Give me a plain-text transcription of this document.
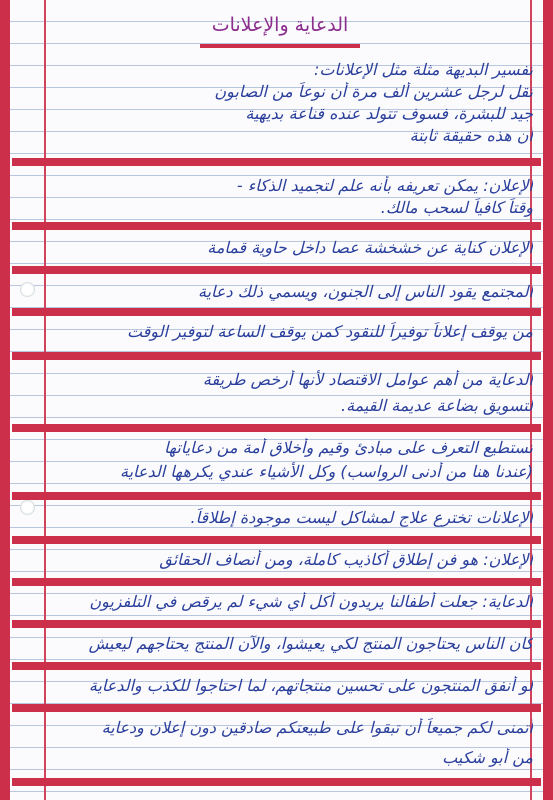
الدعاية والإعلانات
تفسير البديهة مثلة مثل الإعلانات:
تقل لرجل عشرين ألف مرة أن نوعاً من الصابون
جيد للبشرة، فسوف تتولد عنده قناعة بديهية
أن هذه حقيقة ثابتة
الإعلان: يمكن تعريفه بأنه علم لتجميد الذكاء -
وقتاً كافياً لسحب مالك.
الإعلان كناية عن خشخشة عصا داخل حاوية قمامة
المجتمع يقود الناس إلى الجنون، ويسمي ذلك دعاية
من يوقف إعلاناً توفيراً للنقود كمن يوقف الساعة لتوفير الوقت
الدعاية من أهم عوامل الاقتصاد لأنها أرخص طريقة
لتسويق بضاعة عديمة القيمة.
تستطيع التعرف على مبادئ وقيم وأخلاق أمة من دعاياتها
(عندنا هنا من أدنى الرواسب) وكل الأشياء عندي يكرهها الدعاية
الإعلانات تخترع علاج لمشاكل ليست موجودة إطلاقاً.
الإعلان: هو فن إطلاق أكاذيب كاملة، ومن أنصاف الحقائق
الدعاية: جعلت أطفالنا يريدون أكل أي شيء لم يرقص في التلفزيون
كان الناس يحتاجون المنتج لكي يعيشوا، والآن المنتج يحتاجهم ليعيش
لو أنفق المنتجون على تحسين منتجاتهم، لما احتاجوا للكذب والدعاية
أتمنى لكم جميعاً أن تبقوا على طبيعتكم صادقين دون إعلان ودعاية
من أبو شكيب
